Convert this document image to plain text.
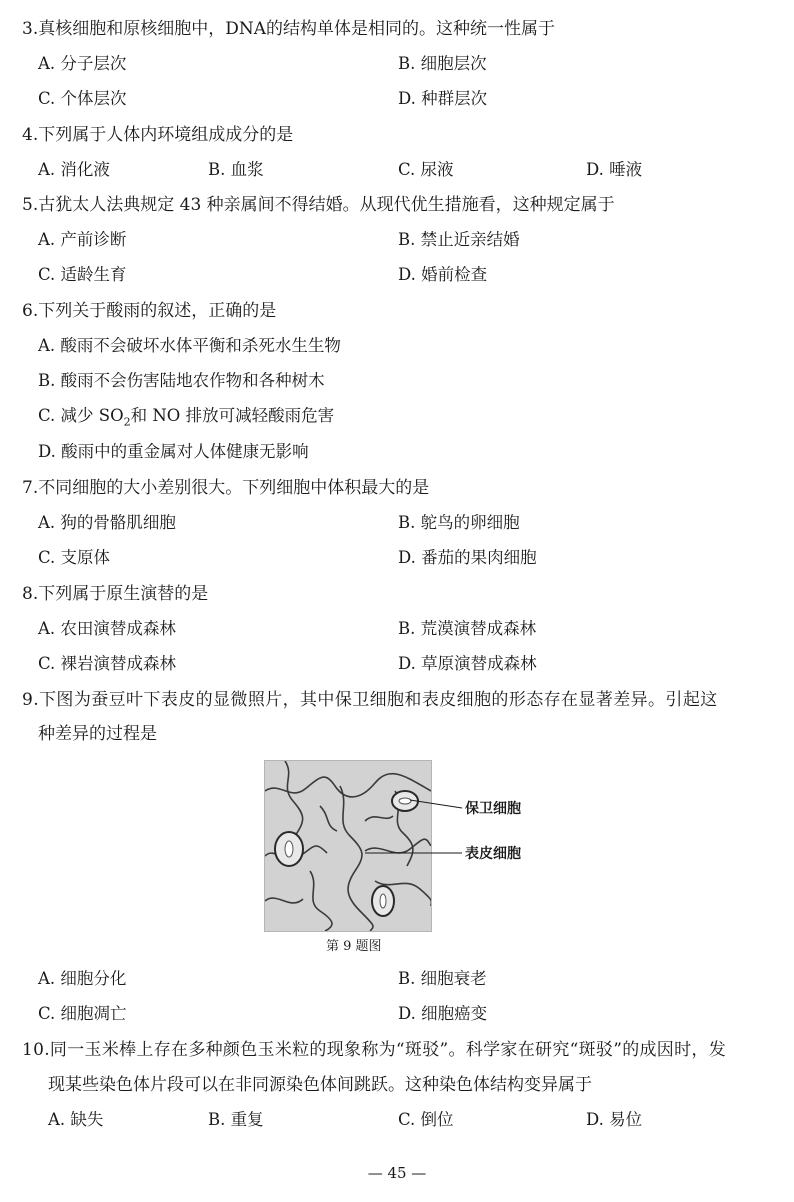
3.真核细胞和原核细胞中，DNA的结构单体是相同的。这种统一性属于
A. 分子层次	B. 细胞层次
C. 个体层次	D. 种群层次
4.下列属于人体内环境组成成分的是
A. 消化液	B. 血浆	C. 尿液	D. 唾液
5.古犹太人法典规定 43 种亲属间不得结婚。从现代优生措施看，这种规定属于
A. 产前诊断	B. 禁止近亲结婚
C. 适龄生育	D. 婚前检查
6.下列关于酸雨的叙述，正确的是
A. 酸雨不会破坏水体平衡和杀死水生生物
B. 酸雨不会伤害陆地农作物和各种树木
C. 减少 $SO_2$和 NO 排放可减轻酸雨危害
D. 酸雨中的重金属对人体健康无影响
7.不同细胞的大小差别很大。下列细胞中体积最大的是
A. 狗的骨骼肌细胞	B. 鸵鸟的卵细胞
C. 支原体	D. 番茄的果肉细胞
8.下列属于原生演替的是
A. 农田演替成森林	B. 荒漠演替成森林
C. 裸岩演替成森林	D. 草原演替成森林
9.下图为蚕豆叶下表皮的显微照片，其中保卫细胞和表皮细胞的形态存在显著差异。引起这
种差异的过程是
保卫细胞
表皮细胞
第 9 题图
A. 细胞分化	B. 细胞衰老
C. 细胞凋亡	D. 细胞癌变
10.同一玉米棒上存在多种颜色玉米粒的现象称为“斑驳”。科学家在研究“斑驳”的成因时，发
现某些染色体片段可以在非同源染色体间跳跃。这种染色体结构变异属于
A. 缺失	B. 重复	C. 倒位	D. 易位
— 45 —
